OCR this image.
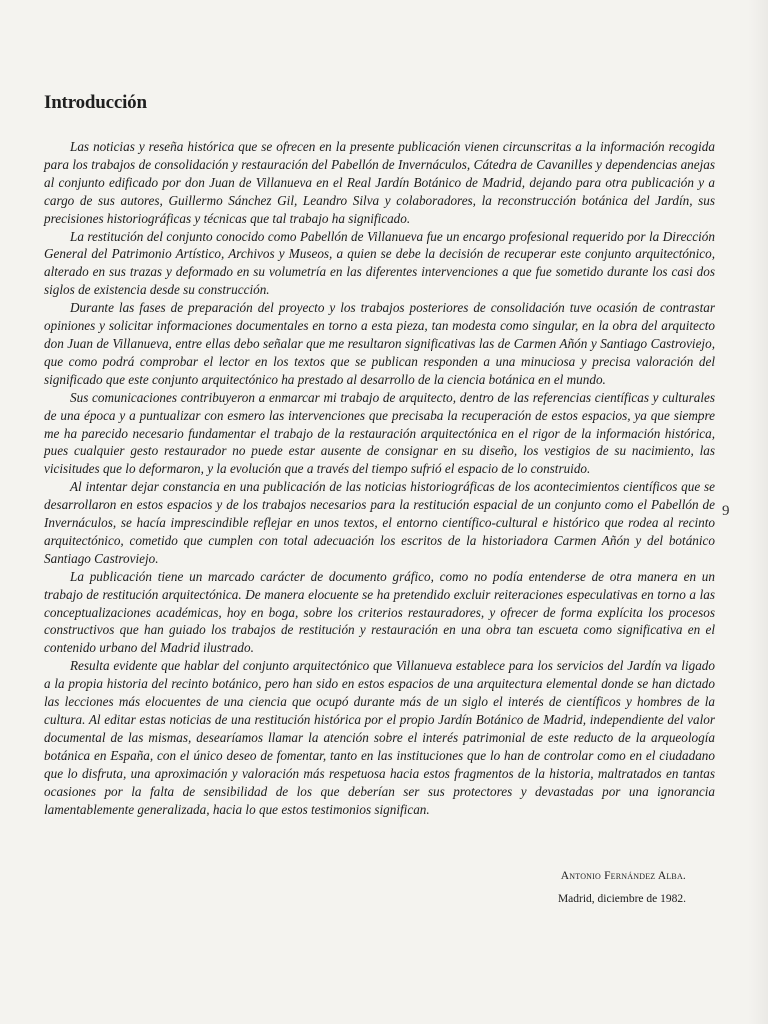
Introducción

Las noticias y reseña histórica que se ofrecen en la presente publicación vienen circunscritas a la información recogida para los trabajos de consolidación y restauración del Pabellón de Invernáculos, Cátedra de Cavanilles y dependencias anejas al conjunto edificado por don Juan de Villanueva en el Real Jardín Botánico de Madrid, dejando para otra publicación y a cargo de sus autores, Guillermo Sánchez Gil, Leandro Silva y colaboradores, la reconstrucción botánica del Jardín, sus precisiones historiográficas y técnicas que tal trabajo ha significado.

La restitución del conjunto conocido como Pabellón de Villanueva fue un encargo profesional requerido por la Dirección General del Patrimonio Artístico, Archivos y Museos, a quien se debe la decisión de recuperar este conjunto arquitectónico, alterado en sus trazas y deformado en su volumetría en las diferentes intervenciones a que fue sometido durante los casi dos siglos de existencia desde su construcción.

Durante las fases de preparación del proyecto y los trabajos posteriores de consolidación tuve ocasión de contrastar opiniones y solicitar informaciones documentales en torno a esta pieza, tan modesta como singular, en la obra del arquitecto don Juan de Villanueva, entre ellas debo señalar que me resultaron significativas las de Carmen Añón y Santiago Castroviejo, que como podrá comprobar el lector en los textos que se publican responden a una minuciosa y precisa valoración del significado que este conjunto arquitectónico ha prestado al desarrollo de la ciencia botánica en el mundo.

Sus comunicaciones contribuyeron a enmarcar mi trabajo de arquitecto, dentro de las referencias científicas y culturales de una época y a puntualizar con esmero las intervenciones que precisaba la recuperación de estos espacios, ya que siempre me ha parecido necesario fundamentar el trabajo de la restauración arquitectónica en el rigor de la información histórica, pues cualquier gesto restaurador no puede estar ausente de consignar en su diseño, los vestigios de su nacimiento, las vicisitudes que lo deformaron, y la evolución que a través del tiempo sufrió el espacio de lo construido.

Al intentar dejar constancia en una publicación de las noticias historiográficas de los acontecimientos científicos que se desarrollaron en estos espacios y de los trabajos necesarios para la restitución espacial de un conjunto como el Pabellón de Invernáculos, se hacía imprescindible reflejar en unos textos, el entorno científico-cultural e histórico que rodea al recinto arquitectónico, cometido que cumplen con total adecuación los escritos de la historiadora Carmen Añón y del botánico Santiago Castroviejo.

La publicación tiene un marcado carácter de documento gráfico, como no podía entenderse de otra manera en un trabajo de restitución arquitectónica. De manera elocuente se ha pretendido excluir reiteraciones especulativas en torno a las conceptualizaciones académicas, hoy en boga, sobre los criterios restauradores, y ofrecer de forma explícita los procesos constructivos que han guiado los trabajos de restitución y restauración en una obra tan escueta como significativa en el contenido urbano del Madrid ilustrado.

Resulta evidente que hablar del conjunto arquitectónico que Villanueva establece para los servicios del Jardín va ligado a la propia historia del recinto botánico, pero han sido en estos espacios de una arquitectura elemental donde se han dictado las lecciones más elocuentes de una ciencia que ocupó durante más de un siglo el interés de científicos y hombres de la cultura. Al editar estas noticias de una restitución histórica por el propio Jardín Botánico de Madrid, independiente del valor documental de las mismas, desearíamos llamar la atención sobre el interés patrimonial de este reducto de la arqueología botánica en España, con el único deseo de fomentar, tanto en las instituciones que lo han de controlar como en el ciudadano que lo disfruta, una aproximación y valoración más respetuosa hacia estos fragmentos de la historia, maltratados en tantas ocasiones por la falta de sensibilidad de los que deberían ser sus protectores y devastadas por una ignorancia lamentablemente generalizada, hacia lo que estos testimonios significan.

9
Antonio Fernández Alba.
Madrid, diciembre de 1982.
